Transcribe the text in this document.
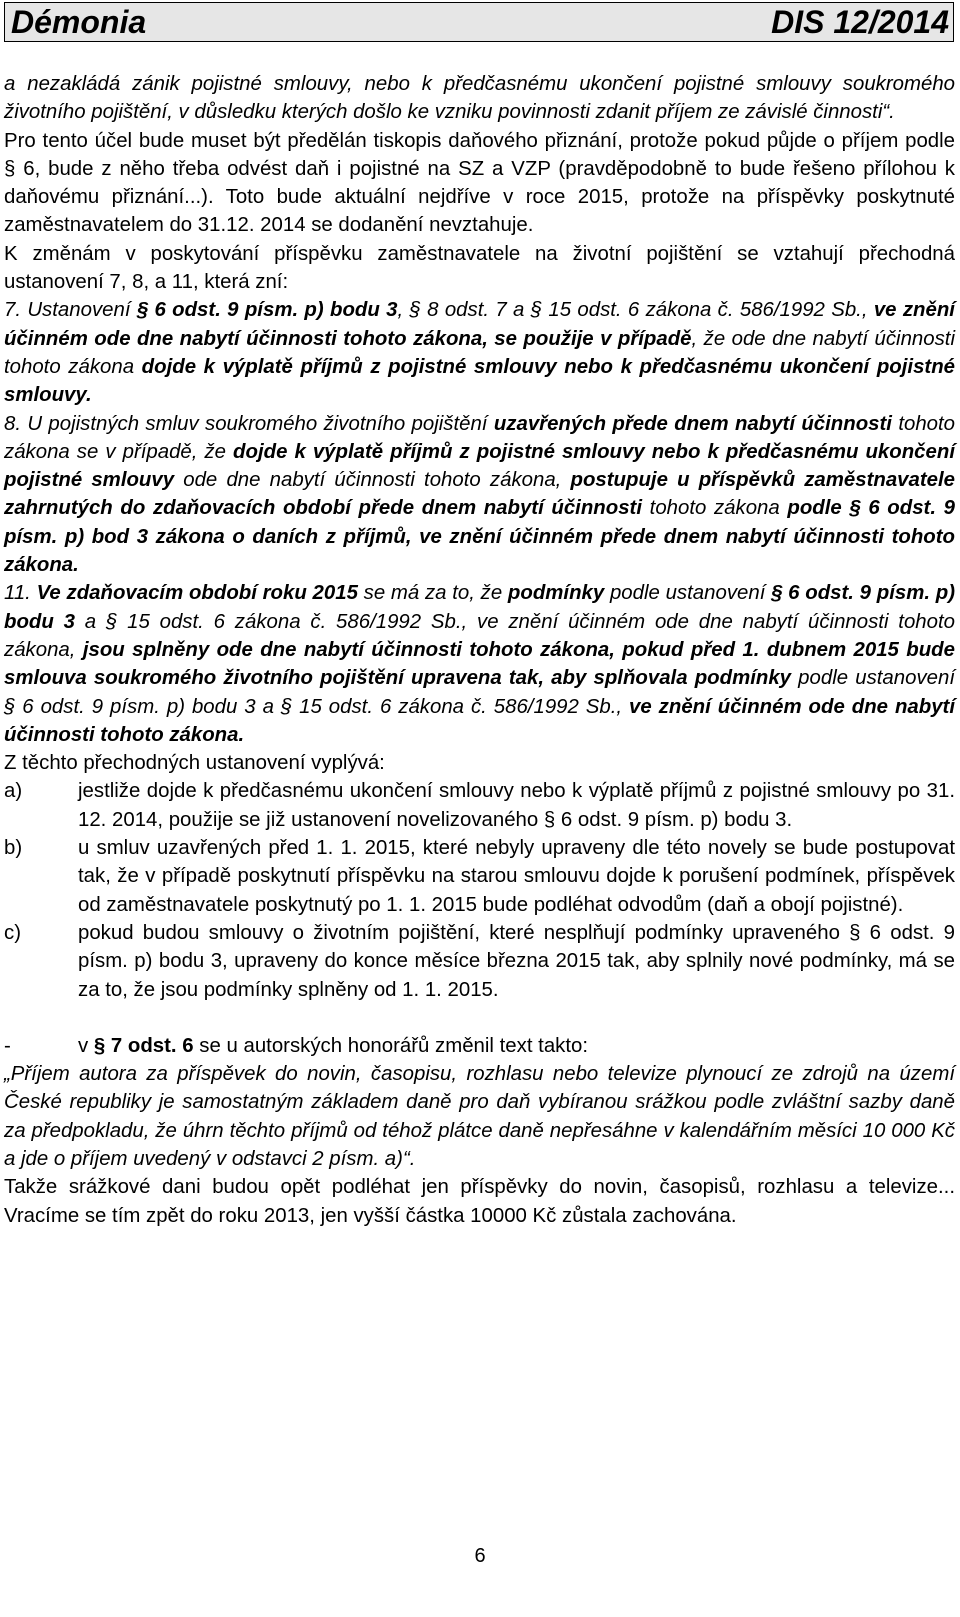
Démonia	DIS 12/2014

a nezakládá zánik pojistné smlouvy, nebo k předčasnému ukončení pojistné smlouvy soukromého životního pojištění, v důsledku kterých došlo ke vzniku povinnosti zdanit příjem ze závislé činnosti“.

Pro tento účel bude muset být předělán tiskopis daňového přiznání, protože pokud půjde o příjem podle § 6, bude z něho třeba odvést daň i pojistné na SZ a VZP (pravděpodobně to bude řešeno přílohou k daňovému přiznání...). Toto bude aktuální nejdříve v roce 2015, protože na příspěvky poskytnuté zaměstnavatelem do 31.12. 2014 se dodanění nevztahuje.

K změnám v poskytování příspěvku zaměstnavatele na životní pojištění se vztahují přechodná ustanovení 7, 8, a 11, která zní:

7. Ustanovení § 6 odst. 9 písm. p) bodu 3, § 8 odst. 7 a § 15 odst. 6 zákona č. 586/1992 Sb., ve znění účinném ode dne nabytí účinnosti tohoto zákona, se použije v případě, že ode dne nabytí účinnosti tohoto zákona dojde k výplatě příjmů z pojistné smlouvy nebo k předčasnému ukončení pojistné smlouvy.

8. U pojistných smluv soukromého životního pojištění uzavřených přede dnem nabytí účinnosti tohoto zákona se v případě, že dojde k výplatě příjmů z pojistné smlouvy nebo k předčasnému ukončení pojistné smlouvy ode dne nabytí účinnosti tohoto zákona, postupuje u příspěvků zaměstnavatele zahrnutých do zdaňovacích období přede dnem nabytí účinnosti tohoto zákona podle § 6 odst. 9 písm. p) bod 3 zákona o daních z příjmů, ve znění účinném přede dnem nabytí účinnosti tohoto zákona.

11. Ve zdaňovacím období roku 2015 se má za to, že podmínky podle ustanovení § 6 odst. 9 písm. p) bodu 3 a § 15 odst. 6 zákona č. 586/1992 Sb., ve znění účinném ode dne nabytí účinnosti tohoto zákona, jsou splněny ode dne nabytí účinnosti tohoto zákona, pokud před 1. dubnem 2015 bude smlouva soukromého životního pojištění upravena tak, aby splňovala podmínky podle ustanovení § 6 odst. 9 písm. p) bodu 3 a § 15 odst. 6 zákona č. 586/1992 Sb., ve znění účinném ode dne nabytí účinnosti tohoto zákona.

Z těchto přechodných ustanovení vyplývá:

a)	jestliže dojde k předčasnému ukončení smlouvy nebo k výplatě příjmů z pojistné smlouvy po 31. 12. 2014, použije se již ustanovení novelizovaného § 6 odst. 9 písm. p) bodu 3.
b)	u smluv uzavřených před 1. 1. 2015, které nebyly upraveny dle této novely se bude postupovat tak, že v případě poskytnutí příspěvku na starou smlouvu dojde k porušení podmínek, příspěvek od zaměstnavatele poskytnutý po 1. 1. 2015 bude podléhat odvodům (daň a obojí pojistné).
c)	pokud budou smlouvy o životním pojištění, které nesplňují podmínky upraveného § 6 odst. 9 písm. p) bodu 3, upraveny do konce měsíce března 2015 tak, aby splnily nové podmínky, má se za to, že jsou podmínky splněny od 1. 1. 2015.
-	v § 7 odst. 6 se u autorských honorářů změnil text takto:

„Příjem autora za příspěvek do novin, časopisu, rozhlasu nebo televize plynoucí ze zdrojů na území České republiky je samostatným základem daně pro daň vybíranou srážkou podle zvláštní sazby daně za předpokladu, že úhrn těchto příjmů od téhož plátce daně nepřesáhne v kalendářním měsíci 10 000 Kč a jde o příjem uvedený v odstavci 2 písm. a)“.

Takže srážkové dani budou opět podléhat jen příspěvky do novin, časopisů, rozhlasu a televize... Vracíme se tím zpět do roku 2013, jen vyšší částka 10000 Kč zůstala zachována.

6
